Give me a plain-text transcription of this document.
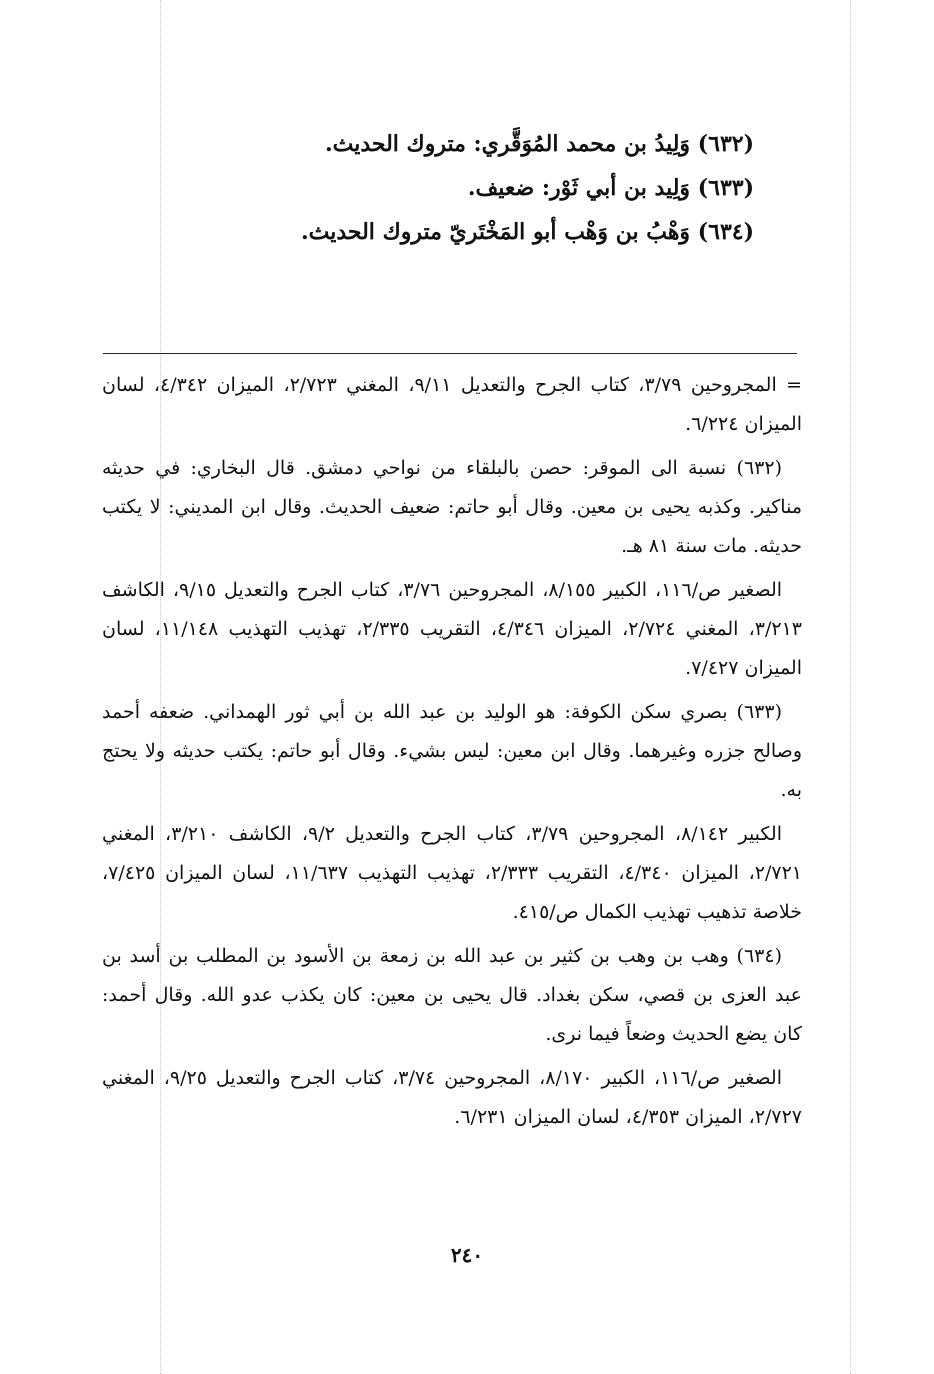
(٦٣٢) وَلِيدُ بن محمد المُوَقَّري: متروك الحديث.
(٦٣٣) وَلِيد بن أبي ثَوْر: ضعيف.
(٦٣٤) وَهْبُ بن وَهْب أبو المَخْتَريّ متروك الحديث.

= المجروحين ٣/٧٩، كتاب الجرح والتعديل ٩/١١، المغني ٢/٧٢٣، الميزان ٤/٣٤٢، لسان الميزان ٦/٢٢٤.

(٦٣٢) نسبة الى الموقر: حصن بالبلقاء من نواحي دمشق. قال البخاري: في حديثه مناكير. وكذبه يحيى بن معين. وقال أبو حاتم: ضعيف الحديث. وقال ابن المديني: لا يكتب حديثه. مات سنة ٨١ هـ.

الصغير ص/١١٦، الكبير ٨/١٥٥، المجروحين ٣/٧٦، كتاب الجرح والتعديل ٩/١٥، الكاشف ٣/٢١٣، المغني ٢/٧٢٤، الميزان ٤/٣٤٦، التقريب ٢/٣٣٥، تهذيب التهذيب ١١/١٤٨، لسان الميزان ٧/٤٢٧.

(٦٣٣) بصري سكن الكوفة: هو الوليد بن عبد الله بن أبي ثور الهمداني. ضعفه أحمد وصالح جزره وغيرهما. وقال ابن معين: ليس بشيء. وقال أبو حاتم: يكتب حديثه ولا يحتج به.

الكبير ٨/١٤٢، المجروحين ٣/٧٩، كتاب الجرح والتعديل ٩/٢، الكاشف ٣/٢١٠، المغني ٢/٧٢١، الميزان ٤/٣٤٠، التقريب ٢/٣٣٣، تهذيب التهذيب ١١/٦٣٧، لسان الميزان ٧/٤٢٥، خلاصة تذهيب تهذيب الكمال ص/٤١٥.

(٦٣٤) وهب بن وهب بن كثير بن عبد الله بن زمعة بن الأسود بن المطلب بن أسد بن عبد العزى بن قصي، سكن بغداد. قال يحيى بن معين: كان يكذب عدو الله. وقال أحمد: كان يضع الحديث وضعاً فيما نرى.

الصغير ص/١١٦، الكبير ٨/١٧٠، المجروحين ٣/٧٤، كتاب الجرح والتعديل ٩/٢٥، المغني ٢/٧٢٧، الميزان ٤/٣٥٣، لسان الميزان ٦/٢٣١.

٢٤٠
